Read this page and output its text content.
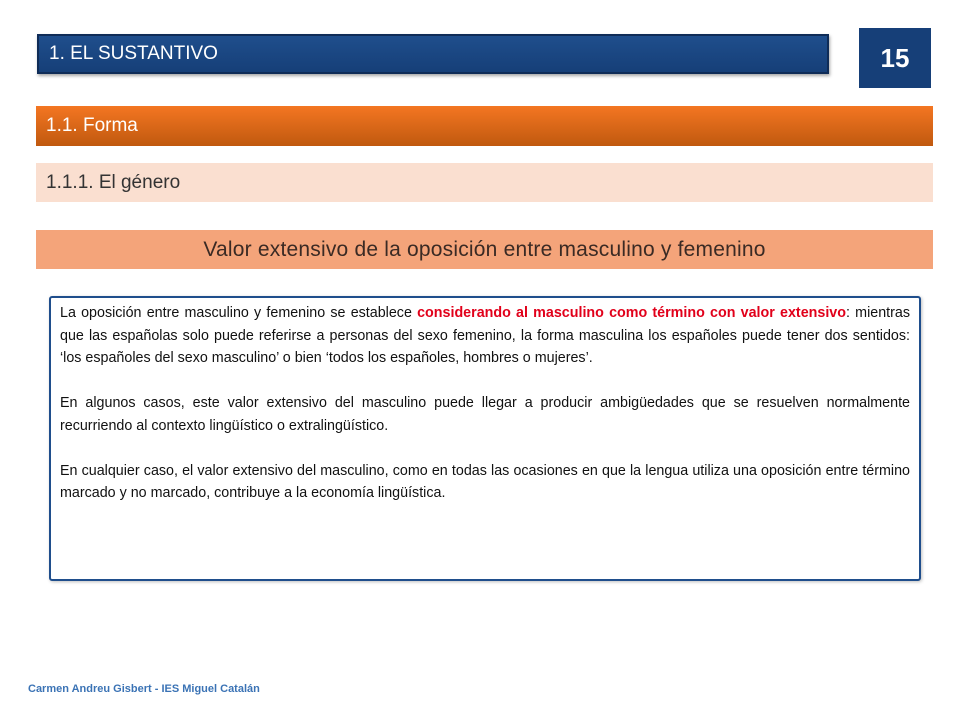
1. EL SUSTANTIVO	15
1.1. Forma
1.1.1. El género
Valor extensivo de la oposición entre masculino y femenino

La oposición entre masculino y femenino se establece considerando al masculino como término con valor extensivo: mientras que las españolas solo puede referirse a personas del sexo femenino, la forma masculina los españoles puede tener dos sentidos: ‘los españoles del sexo masculino’ o bien ‘todos los españoles, hombres o mujeres’.

En algunos casos, este valor extensivo del masculino puede llegar a producir ambigüedades que se resuelven normalmente recurriendo al contexto lingüístico o extralingüístico.

En cualquier caso, el valor extensivo del masculino, como en todas las ocasiones en que la lengua utiliza una oposición entre término marcado y no marcado, contribuye a la economía lingüística.

Carmen Andreu Gisbert - IES Miguel Catalán
